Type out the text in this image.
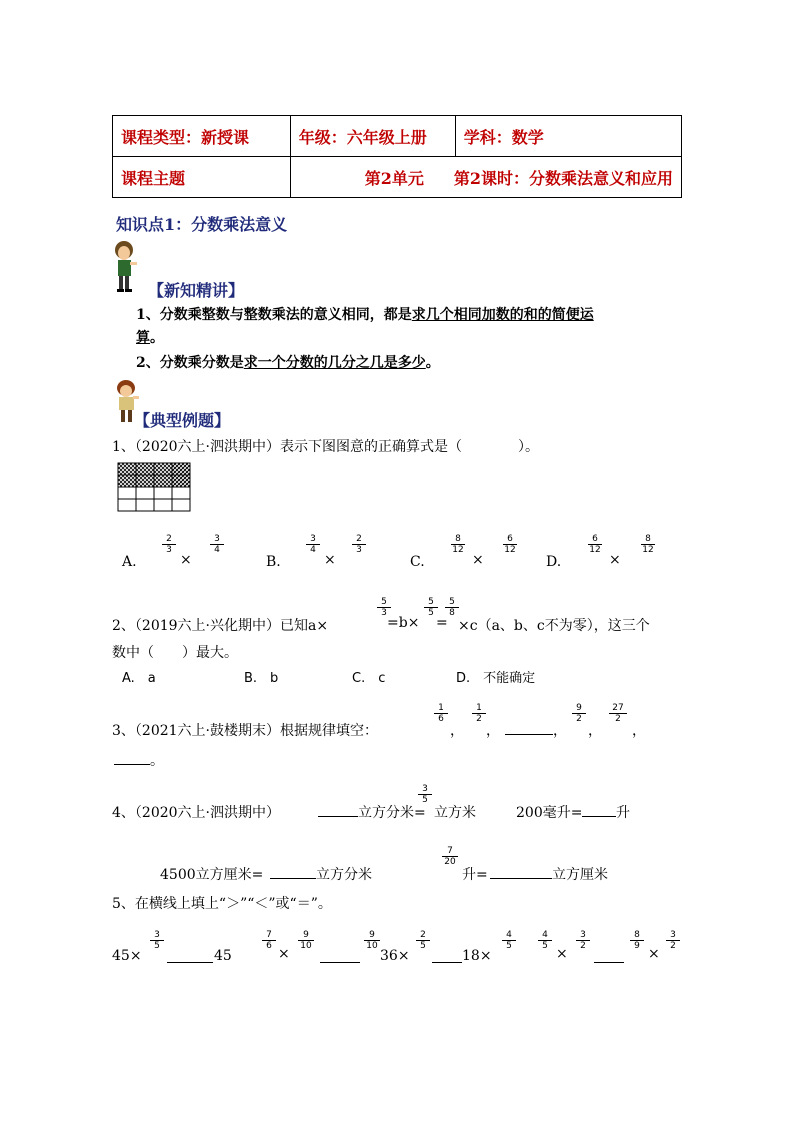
课程类型：新授课	年级：六年级上册	学科：数学
课程主题	第2单元 第2课时：分数乘法意义和应用	
知识点1：分数乘法意义
【新知精讲】
1、分数乘整数与整数乘法的意义相同，都是求几个相同加数的和的简便运
算。
2、分数乘分数是求一个分数的几分之几是多少。
【典型例题】
1、（2020六上·泗洪期中）表示下图图意的正确算式是（　　　　）。
A.
$\frac{2}{3}$
×
$\frac{3}{4}$
B.
$\frac{3}{4}$
×
$\frac{2}{3}$
C.
$\frac{8}{12}$
×
$\frac{6}{12}$
D.
$\frac{6}{12}$
×
$\frac{8}{12}$
2、（2019六上·兴化期中）已知a×
$\frac{5}{3}$
=b×
$\frac{5}{5}$
=
$\frac{5}{8}$
×c（a、b、c不为零），这三个
数中（　　）最大。
A.　a	B.　b	C.　c	D.　不能确定
3、（2021六上·鼓楼期末）根据规律填空：
$\frac{1}{6}$
，
$\frac{1}{2}$
，	，
$\frac{9}{2}$
，
$\frac{27}{2}$
，
。
4、（2020六上·泗洪期中）	立方分米=
$\frac{3}{5}$
立方米	200毫升= 升
4500立方厘米=	立方分米
$\frac{7}{20}$
升=	立方厘米
5、在横线上填上“＞”“＜”或“＝”。
45×
$\frac{3}{5}$
45
$\frac{7}{6}$
×
$\frac{9}{10}$	$\frac{9}{10}$
36×
$\frac{2}{5}$
18×
$\frac{4}{5} \frac{4}{5}$
×
$\frac{3}{2}$	$\frac{8}{9}$
×
$\frac{3}{2}$
